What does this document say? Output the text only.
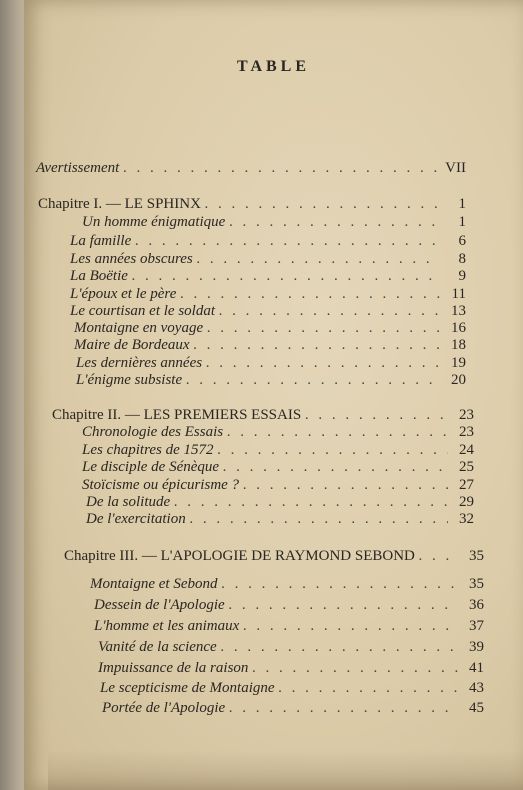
TABLE
Avertissement . . .	VII
Chapitre I. — LE SPHINX . . .	1
Un homme énigmatique . . .	1
La famille . . .	6
Les années obscures . . .	8
La Boëtie . . .	9
L'époux et le père . . .	11
Le courtisan et le soldat . . .	13
Montaigne en voyage . . .	16
Maire de Bordeaux . . .	18
Les dernières années . . .	19
L'énigme subsiste . . .	20
Chapitre II. — LES PREMIERS ESSAIS . . .	23
Chronologie des Essais . . .	23
Les chapitres de 1572 . . .	24
Le disciple de Sénèque . . .	25
Stoïcisme ou épicurisme ? . . .	27
De la solitude . . .	29
De l'exercitation . . .	32
Chapitre III. — L'APOLOGIE DE RAYMOND SEBOND . . .	35
Montaigne et Sebond . . .	35
Dessein de l'Apologie . . .	36
L'homme et les animaux . . .	37
Vanité de la science . . .	39
Impuissance de la raison . . .	41
Le scepticisme de Montaigne . . .	43
Portée de l'Apologie . . .	45
